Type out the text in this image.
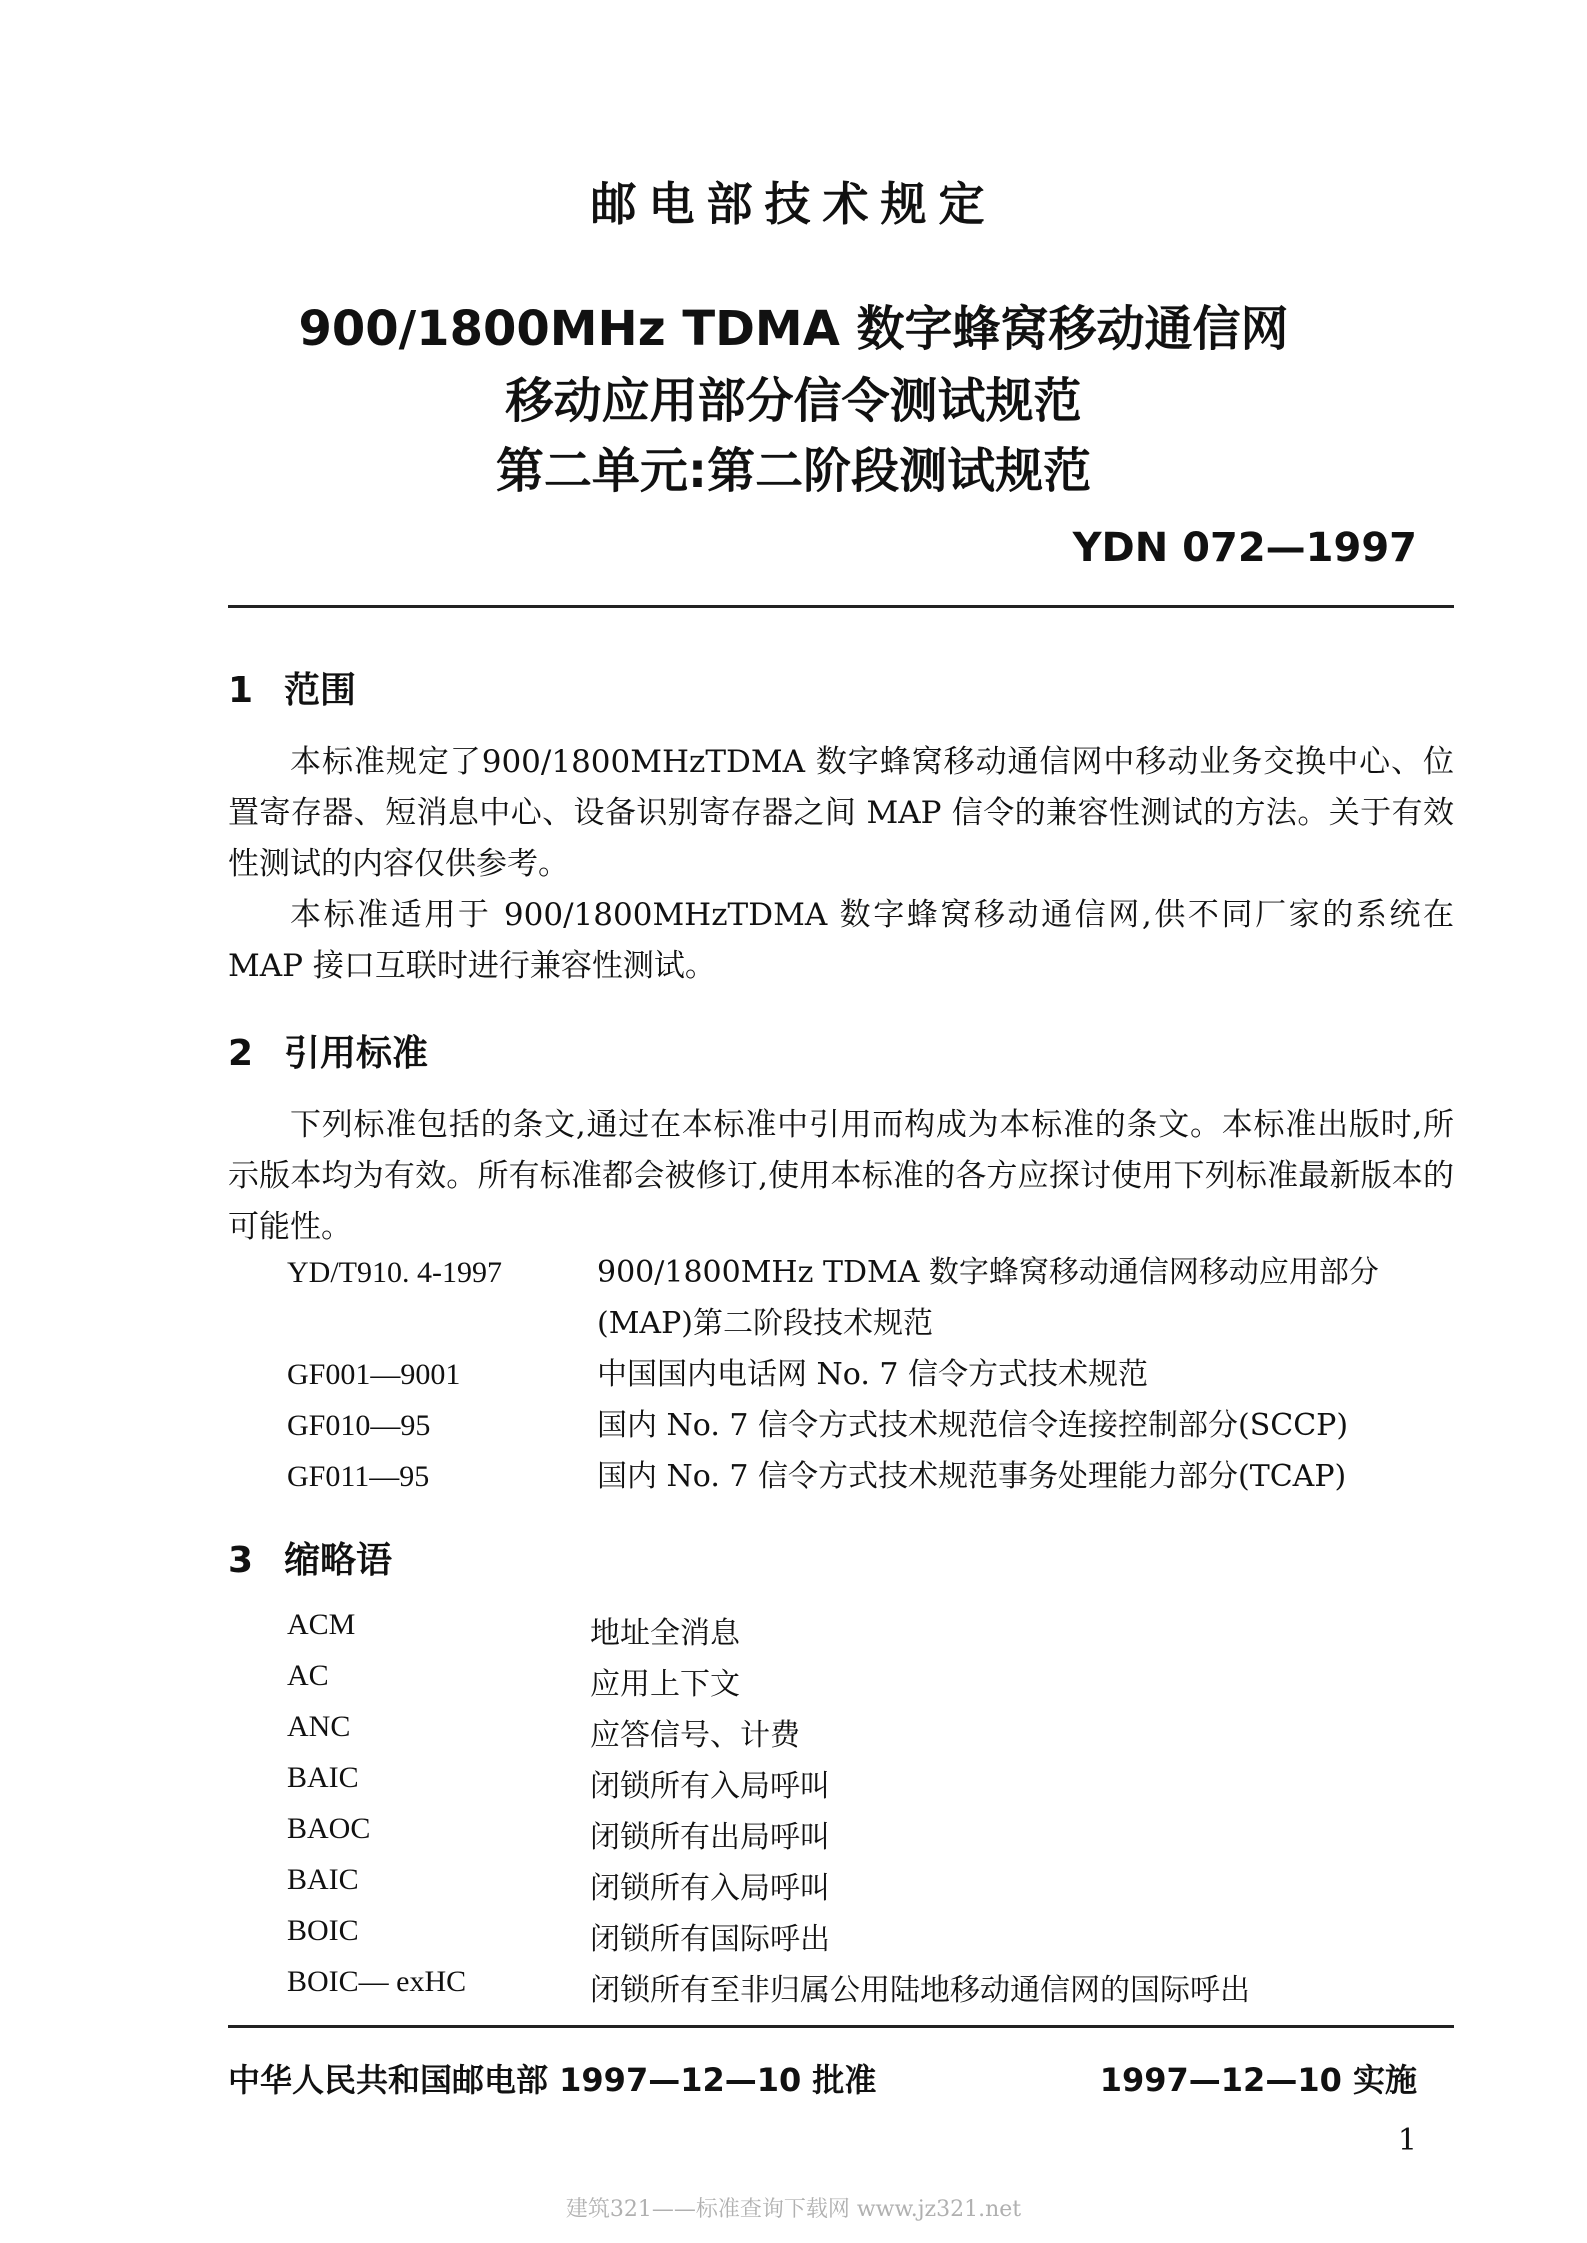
邮电部技术规定
900/1800MHz TDMA 数字蜂窝移动通信网
移动应用部分信令测试规范
第二单元:第二阶段测试规范
YDN 072—1997
1 范围
本标准规定了900/1800MHzTDMA 数字蜂窝移动通信网中移动业务交换中心、位置寄存器、短消息中心、设备识别寄存器之间 MAP 信令的兼容性测试的方法。关于有效性测试的内容仅供参考。
本标准适用于 900/1800MHzTDMA 数字蜂窝移动通信网,供不同厂家的系统在 MAP 接口互联时进行兼容性测试。
2 引用标准
下列标准包括的条文,通过在本标准中引用而构成为本标准的条文。本标准出版时,所示版本均为有效。所有标准都会被修订,使用本标准的各方应探讨使用下列标准最新版本的可能性。
YD/T910. 4-1997	900/1800MHz TDMA 数字蜂窝移动通信网移动应用部分(MAP)第二阶段技术规范
GF001—9001	中国国内电话网 No. 7 信令方式技术规范
GF010—95	国内 No. 7 信令方式技术规范信令连接控制部分(SCCP)
GF011—95	国内 No. 7 信令方式技术规范事务处理能力部分(TCAP)
3 缩略语
ACM	地址全消息
AC	应用上下文
ANC	应答信号、计费
BAIC	闭锁所有入局呼叫
BAOC	闭锁所有出局呼叫
BAIC	闭锁所有入局呼叫
BOIC	闭锁所有国际呼出
BOIC— exHC	闭锁所有至非归属公用陆地移动通信网的国际呼出
中华人民共和国邮电部 1997—12—10 批准	1997—12—10 实施
1
建筑321——标准查询下载网 www.jz321.net
